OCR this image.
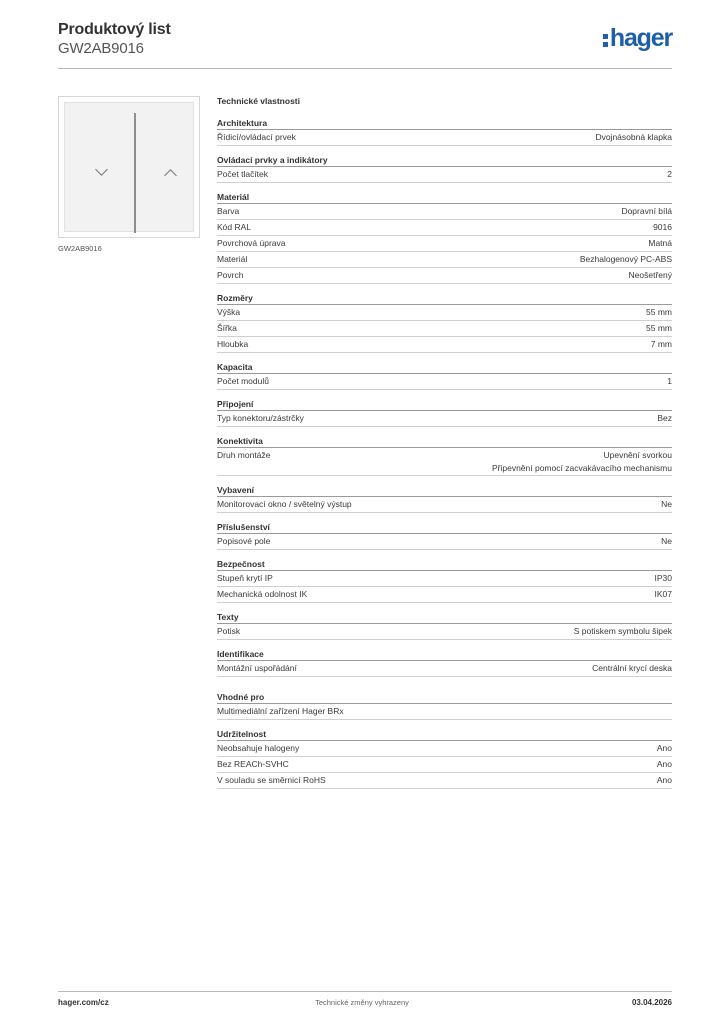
Produktový list
GW2AB9016	hager
GW2AB9016
Technické vlastnosti
Architektura
Řídicí/ovládací prvek	Dvojnásobná klapka
Ovládací prvky a indikátory
Počet tlačítek	2
Materiál
Barva	Dopravní bílá
Kód RAL	9016
Povrchová úprava	Matná
Materiál	Bezhalogenový PC-ABS
Povrch	Neošetřený
Rozměry
Výška	55 mm
Šířka	55 mm
Hloubka	7 mm
Kapacita
Počet modulů	1
Připojení
Typ konektoru/zástrčky	Bez
Konektivita
Druh montáže	Upevnění svorkou
Připevnění pomocí zacvakávacího mechanismu
Vybavení
Monitorovací okno / světelný výstup	Ne
Příslušenství
Popisové pole	Ne
Bezpečnost
Stupeň krytí IP	IP30
Mechanická odolnost IK	IK07
Texty
Potisk	S potiskem symbolu šipek
Identifikace
Montážní uspořádání	Centrální krycí deska
Vhodné pro
Multimediální zařízení Hager BRx
Udržitelnost
Neobsahuje halogeny	Ano
Bez REACh-SVHC	Ano
V souladu se směrnicí RoHS	Ano
hager.com/cz	Technické změny vyhrazeny	03.04.2026
